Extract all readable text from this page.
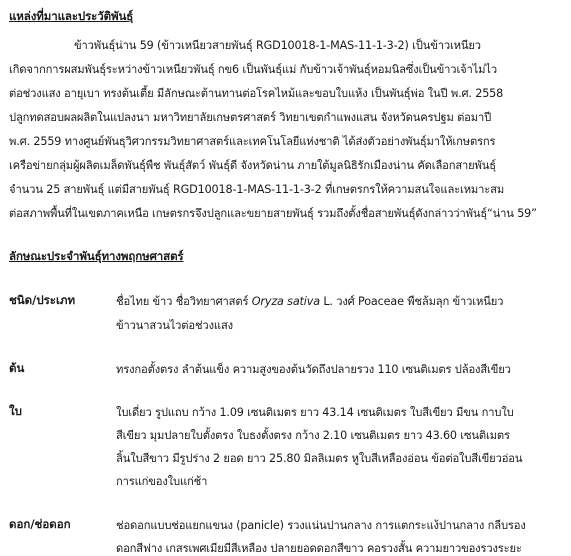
แหล่งที่มาและประวัติพันธุ์
ข้าวพันธุ์น่าน 59 (ข้าวเหนียวสายพันธุ์ RGD10018-1-MAS-11-1-3-2) เป็นข้าวเหนียว
เกิดจากการผสมพันธุ์ระหว่างข้าวเหนียวพันธุ์ กข6 เป็นพันธุ์แม่ กับข้าวเจ้าพันธุ์หอมนิลซึ่งเป็นข้าวเจ้าไม่ไว
ต่อช่วงแสง อายุเบา ทรงต้นเตี้ย มีลักษณะต้านทานต่อโรคไหม้และขอบใบแห้ง เป็นพันธุ์พ่อ ในปี พ.ศ. 2558
ปลูกทดสอบผลผลิตในแปลงนา มหาวิทยาลัยเกษตรศาสตร์ วิทยาเขตกำแพงแสน จังหวัดนครปฐม ต่อมาปี
พ.ศ. 2559 ทางศูนย์พันธุวิศวกรรมวิทยาศาสตร์และเทคโนโลยีแห่งชาติ ได้ส่งตัวอย่างพันธุ์มาให้เกษตรกร
เครือข่ายกลุ่มผู้ผลิตเมล็ดพันธุ์พืช พันธุ์สัตว์ พันธุ์ดี จังหวัดน่าน ภายใต้มูลนิธิรักเมืองน่าน คัดเลือกสายพันธุ์
จำนวน 25 สายพันธุ์ แต่มีสายพันธุ์ RGD10018-1-MAS-11-1-3-2 ที่เกษตรกรให้ความสนใจและเหมาะสม
ต่อสภาพพื้นที่ในเขตภาคเหนือ เกษตรกรจึงปลูกและขยายสายพันธุ์ รวมถึงตั้งชื่อสายพันธุ์ดังกล่าวว่าพันธุ์“น่าน 59”
ลักษณะประจำพันธุ์ทางพฤกษศาสตร์
ชนิด/ประเภท	ชื่อไทย ข้าว ชื่อวิทยาศาสตร์ Oryza sativa L. วงศ์ Poaceae พืชล้มลุก ข้าวเหนียว
ข้าวนาสวนไวต่อช่วงแสง
ต้น	ทรงกอตั้งตรง ลำต้นแข็ง ความสูงของต้นวัดถึงปลายรวง 110 เซนติเมตร ปล้องสีเขียว
ใบ	ใบเดี่ยว รูปแถบ กว้าง 1.09 เซนติเมตร ยาว 43.14 เซนติเมตร ใบสีเขียว มีขน กาบใบ
สีเขียว มุมปลายใบตั้งตรง ใบธงตั้งตรง กว้าง 2.10 เซนติเมตร ยาว 43.60 เซนติเมตร
ลิ้นใบสีขาว มีรูปร่าง 2 ยอด ยาว 25.80 มิลลิเมตร หูใบสีเหลืองอ่อน ข้อต่อใบสีเขียวอ่อน
การแก่ของใบแก่ช้า
ดอก/ช่อดอก	ช่อดอกแบบช่อแยกแขนง (panicle) รวงแน่นปานกลาง การแตกระแง้ปานกลาง กลีบรอง
ดอกสีฟาง เกสรเพศเมียมีสีเหลือง ปลายยอดดอกสีขาว คอรวงสั้น ความยาวของรวงระยะ
